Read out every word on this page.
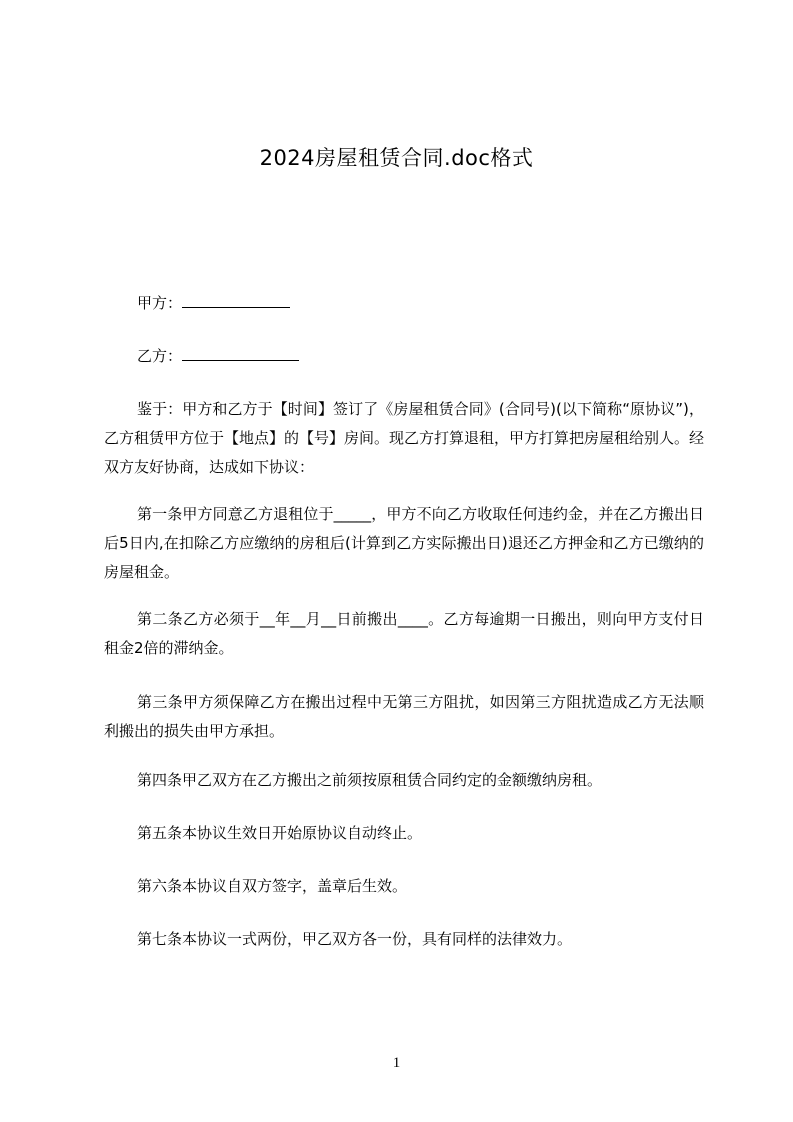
2024房屋租赁合同.doc格式
甲方：
乙方：
鉴于：甲方和乙方于【时间】签订了《房屋租赁合同》(合同号)(以下简称“原协议”)，乙方租赁甲方位于【地点】的【号】房间。现乙方打算退租，甲方打算把房屋租给别人。经双方友好协商，达成如下协议：
第一条甲方同意乙方退租位于_____，甲方不向乙方收取任何违约金，并在乙方搬出日后5日内,在扣除乙方应缴纳的房租后(计算到乙方实际搬出日)退还乙方押金和乙方已缴纳的房屋租金。
第二条乙方必须于__年__月__日前搬出____。乙方每逾期一日搬出，则向甲方支付日租金2倍的滞纳金。
第三条甲方须保障乙方在搬出过程中无第三方阻扰，如因第三方阻扰造成乙方无法顺利搬出的损失由甲方承担。
第四条甲乙双方在乙方搬出之前须按原租赁合同约定的金额缴纳房租。
第五条本协议生效日开始原协议自动终止。
第六条本协议自双方签字，盖章后生效。
第七条本协议一式两份，甲乙双方各一份，具有同样的法律效力。
1
